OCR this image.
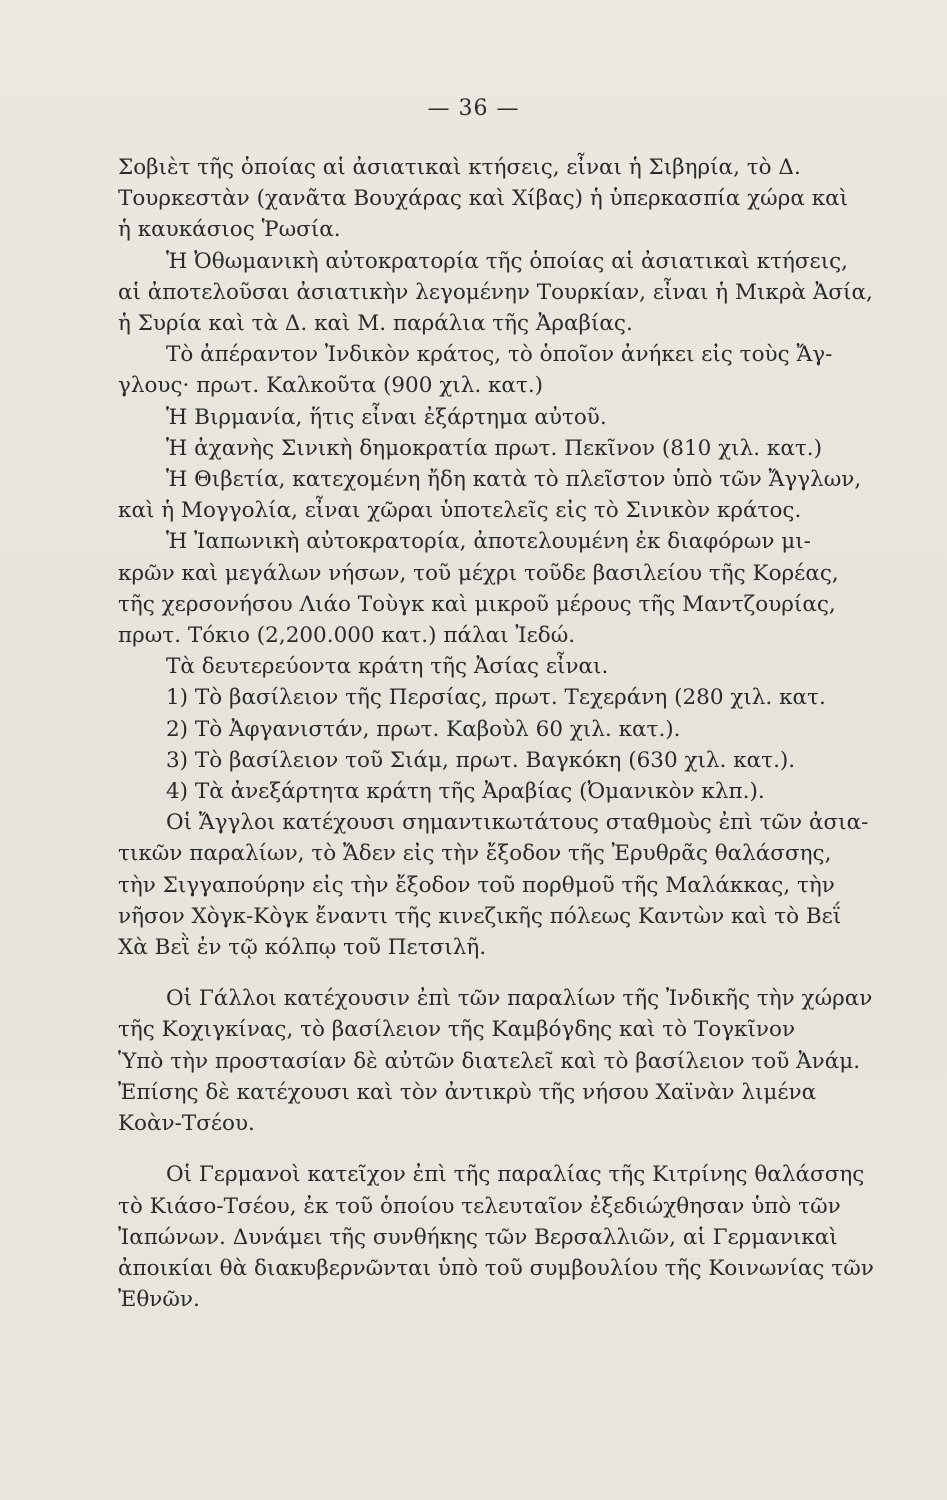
— 36 —

Σοβιὲτ τῆς ὁποίας αἱ ἀσιατικαὶ κτήσεις, εἶναι ἡ Σιβηρία, τὸ Δ.
Τουρκεστὰν (χανᾶτα Βουχάρας καὶ Χίβας) ἡ ὑπερκασπία χώρα καὶ
ἡ καυκάσιος Ῥωσία.

Ἡ Ὀθωμανικὴ αὐτοκρατορία τῆς ὁποίας αἱ ἀσιατικαὶ κτήσεις,
αἱ ἀποτελοῦσαι ἀσιατικὴν λεγομένην Τουρκίαν, εἶναι ἡ Μικρὰ Ἀσία,
ἡ Συρία καὶ τὰ Δ. καὶ Μ. παράλια τῆς Ἀραβίας.

Τὸ ἀπέραντον Ἰνδικὸν κράτος, τὸ ὁποῖον ἀνήκει εἰς τοὺς Ἄγ-
γλους· πρωτ. Καλκοῦτα (900 χιλ. κατ.)

Ἡ Βιρμανία, ἥτις εἶναι ἐξάρτημα αὐτοῦ.

Ἡ ἀχανὴς Σινικὴ δημοκρατία πρωτ. Πεκῖνον (810 χιλ. κατ.)

Ἡ Θιβετία, κατεχομένη ἤδη κατὰ τὸ πλεῖστον ὑπὸ τῶν Ἄγγλων,
καὶ ἡ Μογγολία, εἶναι χῶραι ὑποτελεῖς εἰς τὸ Σινικὸν κράτος.

Ἡ Ἰαπωνικὴ αὐτοκρατορία, ἀποτελουμένη ἐκ διαφόρων μι-
κρῶν καὶ μεγάλων νήσων, τοῦ μέχρι τοῦδε βασιλείου τῆς Κορέας,
τῆς χερσονήσου Λιάο Τοὺγκ καὶ μικροῦ μέρους τῆς Μαντζουρίας,
πρωτ. Τόκιο (2,200.000 κατ.) πάλαι Ἰεδώ.

Τὰ δευτερεύοντα κράτη τῆς Ἀσίας εἶναι.

1) Τὸ βασίλειον τῆς Περσίας, πρωτ. Τεχεράνη (280 χιλ. κατ.

2) Τὸ Ἀφγανιστάν, πρωτ. Καβοὺλ 60 χιλ. κατ.).

3) Τὸ βασίλειον τοῦ Σιάμ, πρωτ. Βαγκόκη (630 χιλ. κατ.).

4) Τὰ ἀνεξάρτητα κράτη τῆς Ἀραβίας (Ὀμανικὸν κλπ.).

Οἱ Ἄγγλοι κατέχουσι σημαντικωτάτους σταθμοὺς ἐπὶ τῶν ἀσια-
τικῶν παραλίων, τὸ Ἄδεν εἰς τὴν ἔξοδον τῆς Ἐρυθρᾶς θαλάσσης,
τὴν Σιγγαπούρην εἰς τὴν ἔξοδον τοῦ πορθμοῦ τῆς Μαλάκκας, τὴν
νῆσον Χὸγκ-Κὸγκ ἔναντι τῆς κινεζικῆς πόλεως Καντὼν καὶ τὸ Βεΐ
Χὰ Βεῒ ἐν τῷ κόλπῳ τοῦ Πετσιλῆ.

Οἱ Γάλλοι κατέχουσιν ἐπὶ τῶν παραλίων τῆς Ἰνδικῆς τὴν χώραν
τῆς Κοχιγκίνας, τὸ βασίλειον τῆς Καμβόγδης καὶ τὸ Τογκῖνον
Ὑπὸ τὴν προστασίαν δὲ αὐτῶν διατελεῖ καὶ τὸ βασίλειον τοῦ Ἀνάμ.
Ἐπίσης δὲ κατέχουσι καὶ τὸν ἀντικρὺ τῆς νήσου Χαϊνὰν λιμένα
Κοὰν-Τσέου.

Οἱ Γερμανοὶ κατεῖχον ἐπὶ τῆς παραλίας τῆς Κιτρίνης θαλάσσης
τὸ Κιάσο-Τσέου, ἐκ τοῦ ὁποίου τελευταῖον ἐξεδιώχθησαν ὑπὸ τῶν
Ἰαπώνων. Δυνάμει τῆς συνθήκης τῶν Βερσαλλιῶν, αἱ Γερμανικαὶ
ἀποικίαι θὰ διακυβερνῶνται ὑπὸ τοῦ συμβουλίου τῆς Κοινωνίας τῶν
Ἐθνῶν.
